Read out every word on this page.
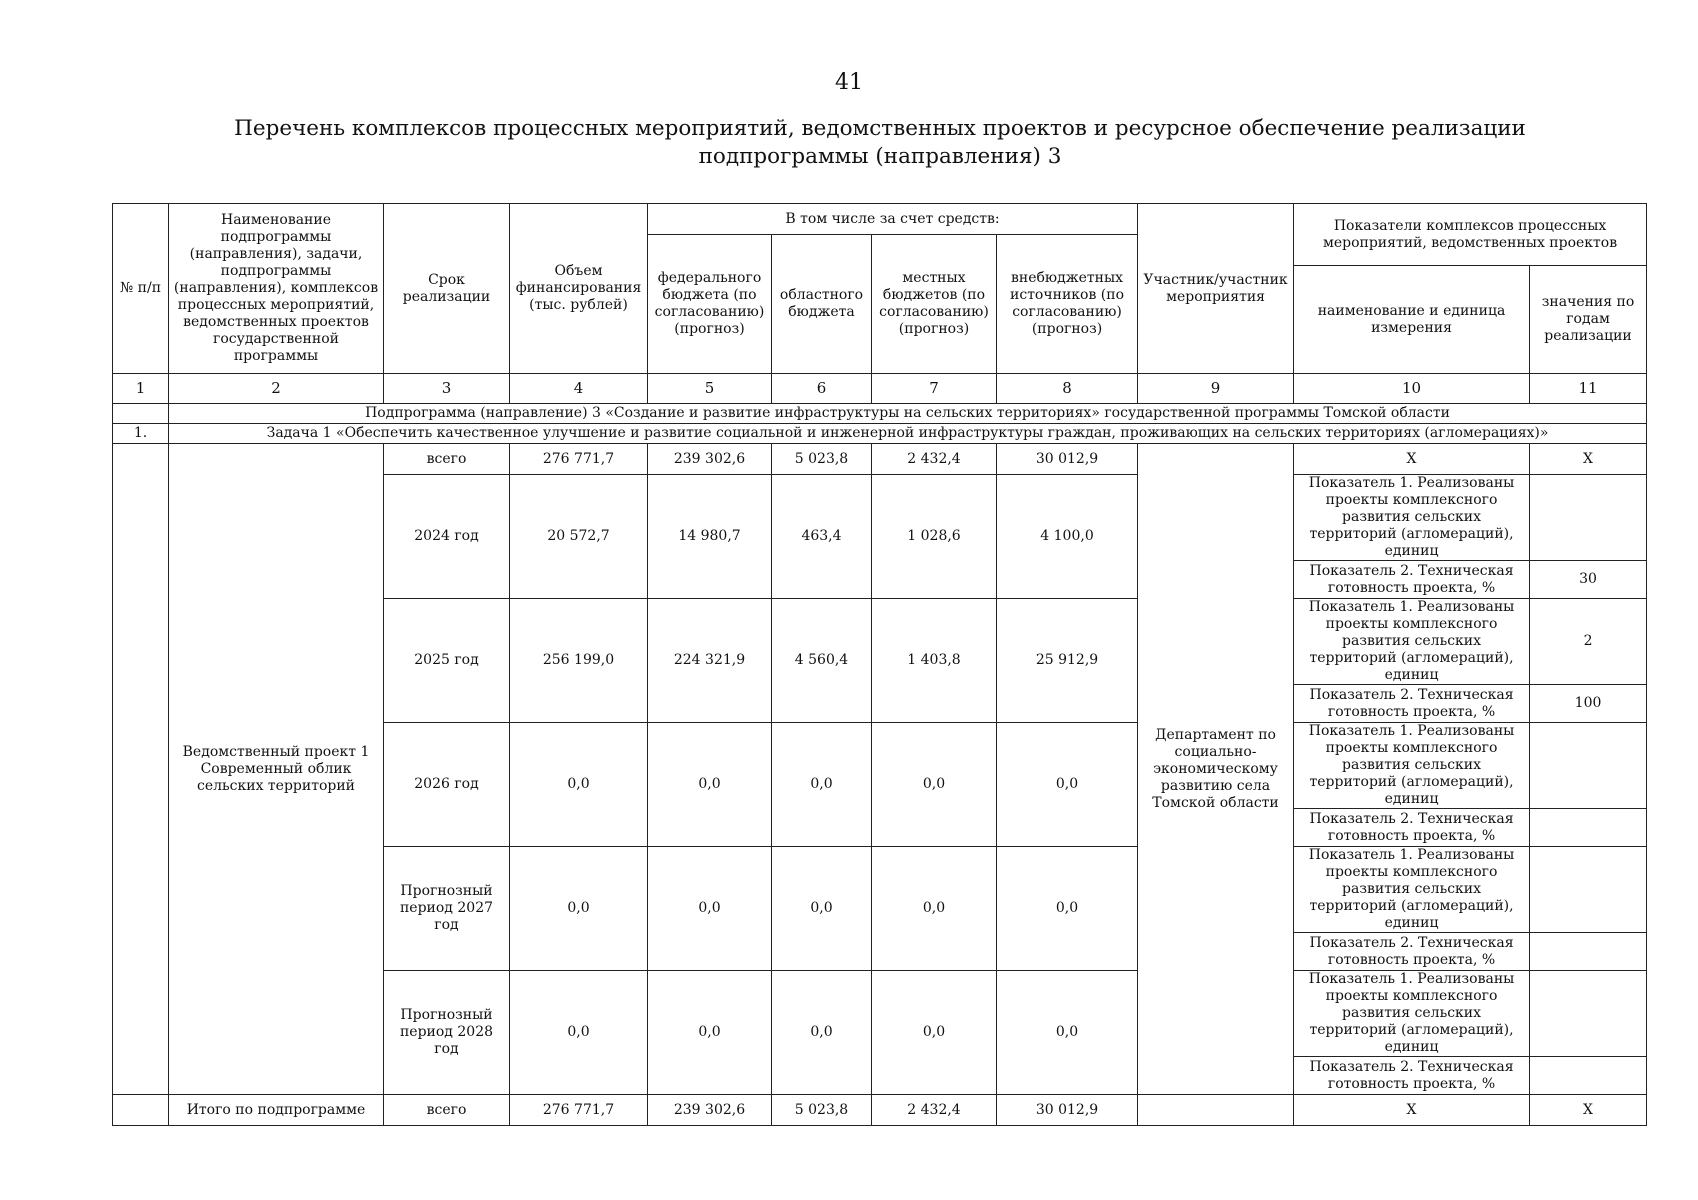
41
Перечень комплексов процессных мероприятий, ведомственных проектов и ресурсное обеспечение реализации подпрограммы (направления) 3
№ п/п	Наименование подпрограммы (направления), задачи, подпрограммы (направления), комплексов процессных мероприятий, ведомственных проектов государственной программы	Срок реализации	Объем финансирования (тыс. рублей)	В том числе за счет средств:				Участник/участник мероприятия	Показатели комплексов процессных мероприятий, ведомственных проектов	
				федерального бюджета (по согласованию) (прогноз)	областного бюджета	местных бюджетов (по согласованию) (прогноз)	внебюджетных источников (по согласованию) (прогноз)			
									наименование и единица измерения	значения по годам реализации
1	2	3	4	5	6	7	8	9	10	11
	Подпрограмма (направление) 3 «Создание и развитие инфраструктуры на сельских территориях» государственной программы Томской области									
1.	Задача 1 «Обеспечить качественное улучшение и развитие социальной и инженерной инфраструктуры граждан, проживающих на сельских территориях (агломерациях)»									
	Ведомственный проект 1 Современный облик сельских территорий	всего	276 771,7	239 302,6	5 023,8	2 432,4	30 012,9	Департамент по социально-экономическому развитию села Томской области	X	X
		2024 год	20 572,7	14 980,7	463,4	1 028,6	4 100,0		Показатель 1. Реализованы проекты комплексного развития сельских территорий (агломераций), единиц	
									Показатель 2. Техническая готовность проекта, %	30
		2025 год	256 199,0	224 321,9	4 560,4	1 403,8	25 912,9		Показатель 1. Реализованы проекты комплексного развития сельских территорий (агломераций), единиц	2
									Показатель 2. Техническая готовность проекта, %	100
		2026 год	0,0	0,0	0,0	0,0	0,0		Показатель 1. Реализованы проекты комплексного развития сельских территорий (агломераций), единиц	
									Показатель 2. Техническая готовность проекта, %	
		Прогнозный период 2027 год	0,0	0,0	0,0	0,0	0,0		Показатель 1. Реализованы проекты комплексного развития сельских территорий (агломераций), единиц	
									Показатель 2. Техническая готовность проекта, %	
		Прогнозный период 2028 год	0,0	0,0	0,0	0,0	0,0		Показатель 1. Реализованы проекты комплексного развития сельских территорий (агломераций), единиц	
									Показатель 2. Техническая готовность проекта, %	
	Итого по подпрограмме	всего	276 771,7	239 302,6	5 023,8	2 432,4	30 012,9		X	X
